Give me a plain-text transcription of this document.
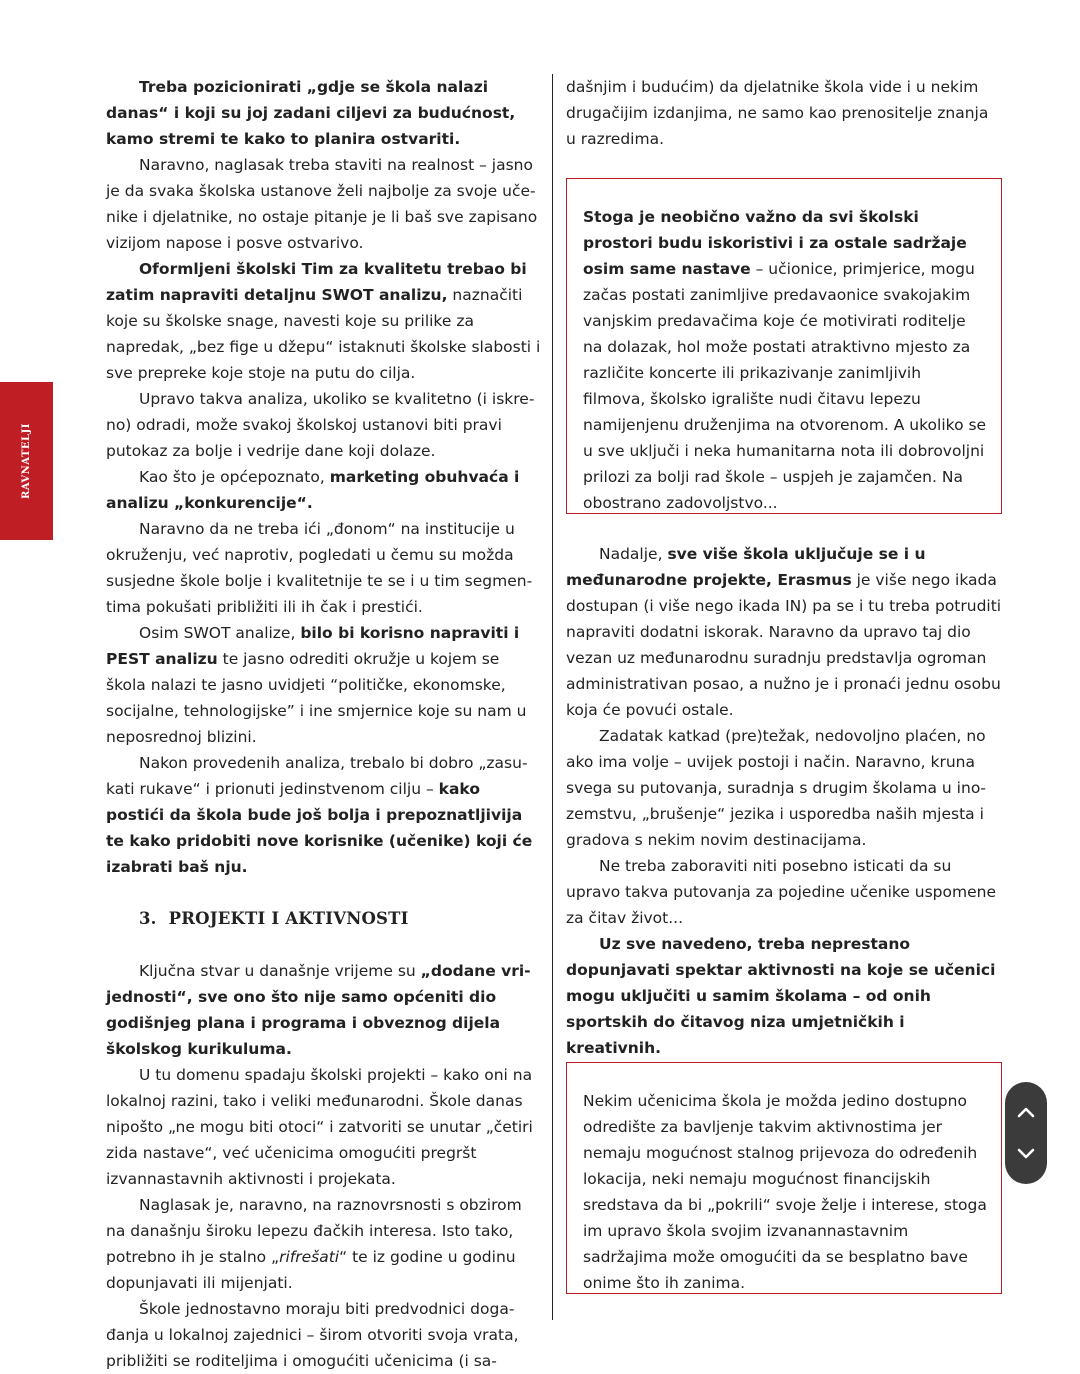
RAVNATELJI

Treba pozicionirati „gdje se škola nalazi danas“ i koji su joj zadani ciljevi za budućnost, kamo stremi te kako to planira ostvariti.

Naravno, naglasak treba staviti na realnost – jasno je da svaka školska ustanove želi najbolje za svoje učenike i djelatnike, no ostaje pitanje je li baš sve zapisano vizijom napose i posve ostvarivo.

Oformljeni školski Tim za kvalitetu trebao bi zatim napraviti detaljnu SWOT analizu, naznačiti koje su školske snage, navesti koje su prilike za napredak, „bez fige u džepu“ istaknuti školske slabosti i sve prepreke koje stoje na putu do cilja.

Upravo takva analiza, ukoliko se kvalitetno (i iskreno) odradi, može svakoj školskoj ustanovi biti pravi putokaz za bolje i vedrije dane koji dolaze.

Kao što je općepoznato, marketing obuhvaća i analizu „konkurencije“.

Naravno da ne treba ići „đonom“ na institucije u okruženju, već naprotiv, pogledati u čemu su možda susjedne škole bolje i kvalitetnije te se i u tim segmentima pokušati približiti ili ih čak i prestići.

Osim SWOT analize, bilo bi korisno napraviti i PEST analizu te jasno odrediti okružje u kojem se škola nalazi te jasno uvidjeti “političke, ekonomske, socijalne, tehnologijske” i ine smjernice koje su nam u neposrednoj blizini.

Nakon provedenih analiza, trebalo bi dobro „zasukati rukave“ i prionuti jedinstvenom cilju – kako postići da škola bude još bolja i prepoznatljivija te kako pridobiti nove korisnike (učenike) koji će izabrati baš nju.

3. PROJEKTI I AKTIVNOSTI

Ključna stvar u današnje vrijeme su „dodane vrijednosti“, sve ono što nije samo općeniti dio godišnjeg plana i programa i obveznog dijela školskog kurikuluma.

U tu domenu spadaju školski projekti – kako oni na lokalnoj razini, tako i veliki međunarodni. Škole danas nipošto „ne mogu biti otoci“ i zatvoriti se unutar „četiri zida nastave“, već učenicima omogućiti pregršt izvannastavnih aktivnosti i projekata.

Naglasak je, naravno, na raznovrsnosti s obzirom na današnju široku lepezu đačkih interesa. Isto tako, potrebno ih je stalno „rifrešati“ te iz godine u godinu dopunjavati ili mijenjati.

Škole jednostavno moraju biti predvodnici događanja u lokalnoj zajednici – širom otvoriti svoja vrata, približiti se roditeljima i omogućiti učenicima (i sa-

dašnjim i budućim) da djelatnike škola vide i u nekim drugačijim izdanjima, ne samo kao prenositelje znanja u razredima.

Stoga je neobično važno da svi školski prostori budu iskoristivi i za ostale sadržaje osim same nastave – učionice, primjerice, mogu začas postati zanimljive predavaonice svakojakim vanjskim predavačima koje će motivirati roditelje na dolazak, hol može postati atraktivno mjesto za različite koncerte ili prikazivanje zanimljivih filmova, školsko igralište nudi čitavu lepezu namijenjenu druženjima na otvorenom. A ukoliko se u sve uključi i neka humanitarna nota ili dobrovoljni prilozi za bolji rad škole – uspjeh je zajamčen. Na obostrano zadovoljstvo...

Nadalje, sve više škola uključuje se i u međunarodne projekte, Erasmus je više nego ikada dostupan (i više nego ikada IN) pa se i tu treba potruditi napraviti dodatni iskorak. Naravno da upravo taj dio vezan uz međunarodnu suradnju predstavlja ogroman administrativan posao, a nužno je i pronaći jednu osobu koja će povući ostale.

Zadatak katkad (pre)težak, nedovoljno plaćen, no ako ima volje – uvijek postoji i način. Naravno, kruna svega su putovanja, suradnja s drugim školama u inozemstvu, „brušenje“ jezika i usporedba naših mjesta i gradova s nekim novim destinacijama.

Ne treba zaboraviti niti posebno isticati da su upravo takva putovanja za pojedine učenike uspomene za čitav život...

Uz sve navedeno, treba neprestano dopunjavati spektar aktivnosti na koje se učenici mogu uključiti u samim školama – od onih sportskih do čitavog niza umjetničkih i kreativnih.

Nekim učenicima škola je možda jedino dostupno odredište za bavljenje takvim aktivnostima jer nemaju mogućnost stalnog prijevoza do određenih lokacija, neki nemaju mogućnost financijskih sredstava da bi „pokrili“ svoje želje i interese, stoga im upravo škola svojim izvanannastavnim sadržajima može omogućiti da se besplatno bave onime što ih zanima.
